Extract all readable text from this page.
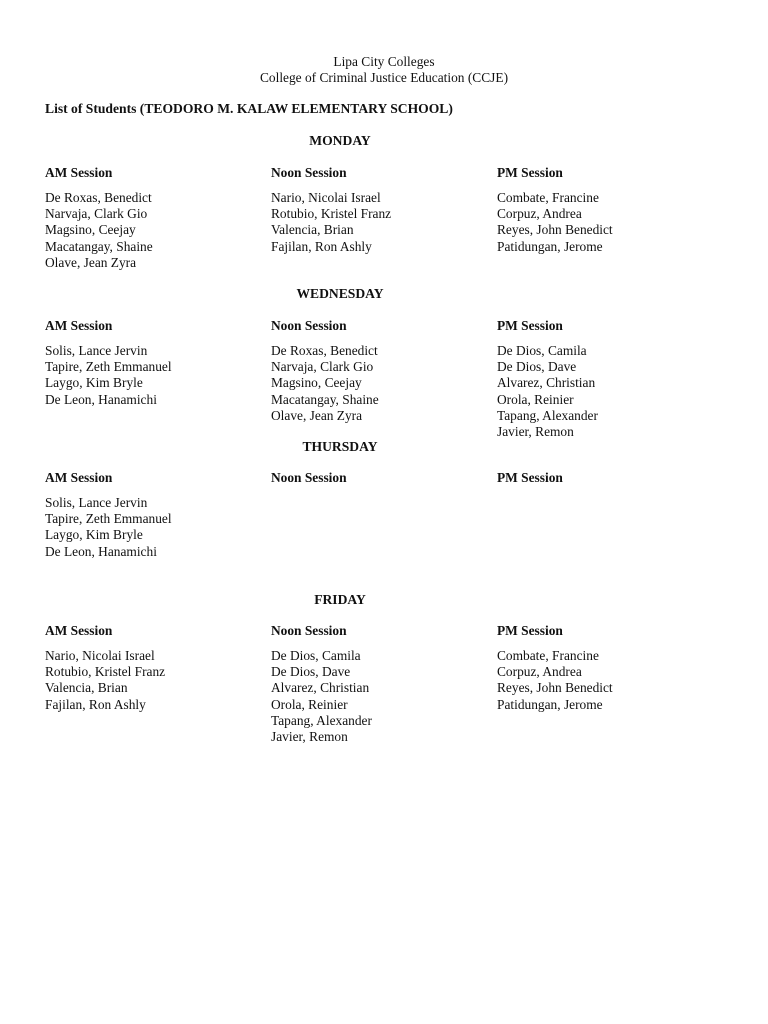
Lipa City Colleges
College of Criminal Justice Education (CCJE)
List of Students (TEODORO M. KALAW ELEMENTARY SCHOOL)
MONDAY
AM Session
De Roxas, Benedict
Narvaja, Clark Gio
Magsino, Ceejay
Macatangay, Shaine
Olave, Jean Zyra
Noon Session
Nario, Nicolai Israel
Rotubio, Kristel Franz
Valencia, Brian
Fajilan, Ron Ashly
PM Session
Combate, Francine
Corpuz, Andrea
Reyes, John Benedict
Patidungan, Jerome
WEDNESDAY
AM Session
Solis, Lance Jervin
Tapire, Zeth Emmanuel
Laygo, Kim Bryle
De Leon, Hanamichi
Noon Session
De Roxas, Benedict
Narvaja, Clark Gio
Magsino, Ceejay
Macatangay, Shaine
Olave, Jean Zyra
PM Session
De Dios, Camila
De Dios, Dave
Alvarez, Christian
Orola, Reinier
Tapang, Alexander
Javier, Remon
THURSDAY
AM Session
Solis, Lance Jervin
Tapire, Zeth Emmanuel
Laygo, Kim Bryle
De Leon, Hanamichi
Noon Session	PM Session
FRIDAY
AM Session
Nario, Nicolai Israel
Rotubio, Kristel Franz
Valencia, Brian
Fajilan, Ron Ashly
Noon Session
De Dios, Camila
De Dios, Dave
Alvarez, Christian
Orola, Reinier
Tapang, Alexander
Javier, Remon
PM Session
Combate, Francine
Corpuz, Andrea
Reyes, John Benedict
Patidungan, Jerome
